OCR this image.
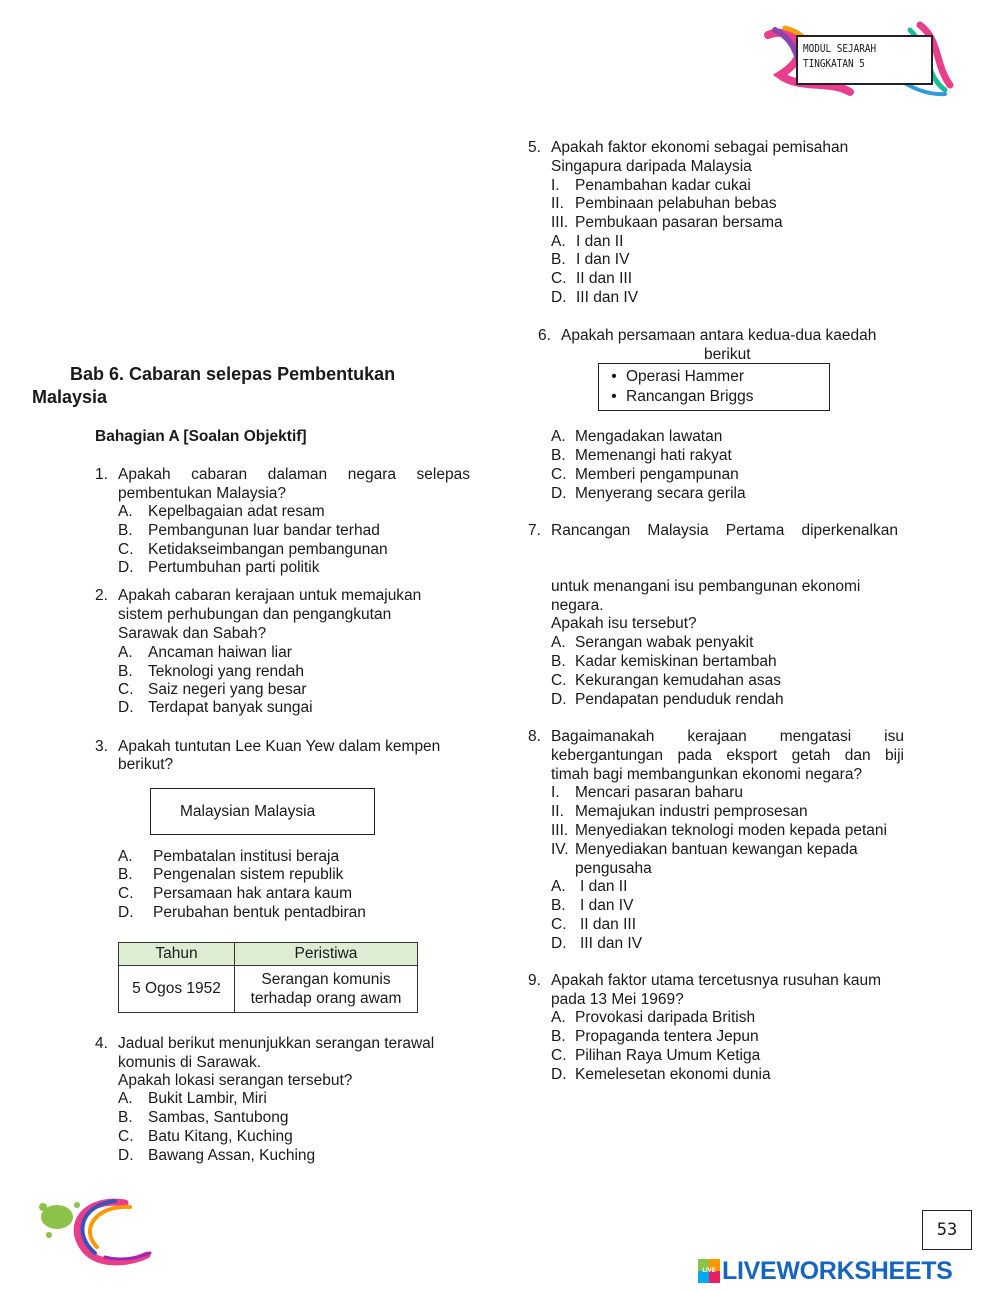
MODUL SEJARAH
TINGKATAN 5
Bab 6. Cabaran selepas Pembentukan
Malaysia
Bahagian A [Soalan Objektif]
1. Apakah cabaran dalaman negara selepas
pembentukan Malaysia?
A. Kepelbagaian adat resam
B. Pembangunan luar bandar terhad
C. Ketidakseimbangan pembangunan
D. Pertumbuhan parti politik
2. Apakah cabaran kerajaan untuk memajukan
sistem perhubungan dan pengangkutan
Sarawak dan Sabah?
A. Ancaman haiwan liar
B. Teknologi yang rendah
C. Saiz negeri yang besar
D. Terdapat banyak sungai
3. Apakah tuntutan Lee Kuan Yew dalam kempen
berikut?
Malaysian Malaysia
A. Pembatalan institusi beraja
B. Pengenalan sistem republik
C. Persamaan hak antara kaum
D. Perubahan bentuk pentadbiran
Tahun	Peristiwa
5 Ogos 1952	Serangan komunis
terhadap orang awam
4. Jadual berikut menunjukkan serangan terawal
komunis di Sarawak.
Apakah lokasi serangan tersebut?
A. Bukit Lambir, Miri
B. Sambas, Santubong
C. Batu Kitang, Kuching
D. Bawang Assan, Kuching
5. Apakah faktor ekonomi sebagai pemisahan
Singapura daripada Malaysia
I. Penambahan kadar cukai
II. Pembinaan pelabuhan bebas
III. Pembukaan pasaran bersama
A. I dan II
B. I dan IV
C. II dan III
D. III dan IV
6. Apakah persamaan antara kedua-dua kaedah
berikut
• Operasi Hammer
• Rancangan Briggs
A. Mengadakan lawatan
B. Memenangi hati rakyat
C. Memberi pengampunan
D. Menyerang secara gerila
7. Rancangan Malaysia Pertama diperkenalkan
untuk menangani isu pembangunan ekonomi
negara.
Apakah isu tersebut?
A. Serangan wabak penyakit
B. Kadar kemiskinan bertambah
C. Kekurangan kemudahan asas
D. Pendapatan penduduk rendah
8. Bagaimanakah kerajaan mengatasi isu
kebergantungan pada eksport getah dan biji
timah bagi membangunkan ekonomi negara?
I. Mencari pasaran baharu
II. Memajukan industri pemprosesan
III. Menyediakan teknologi moden kepada petani
IV. Menyediakan bantuan kewangan kepada
pengusaha
A. I dan II
B. I dan IV
C. II dan III
D. III dan IV
9. Apakah faktor utama tercetusnya rusuhan kaum
pada 13 Mei 1969?
A. Provokasi daripada British
B. Propaganda tentera Jepun
C. Pilihan Raya Umum Ketiga
D. Kemelesetan ekonomi dunia
53
LIVE LIVEWORKSHEETS
